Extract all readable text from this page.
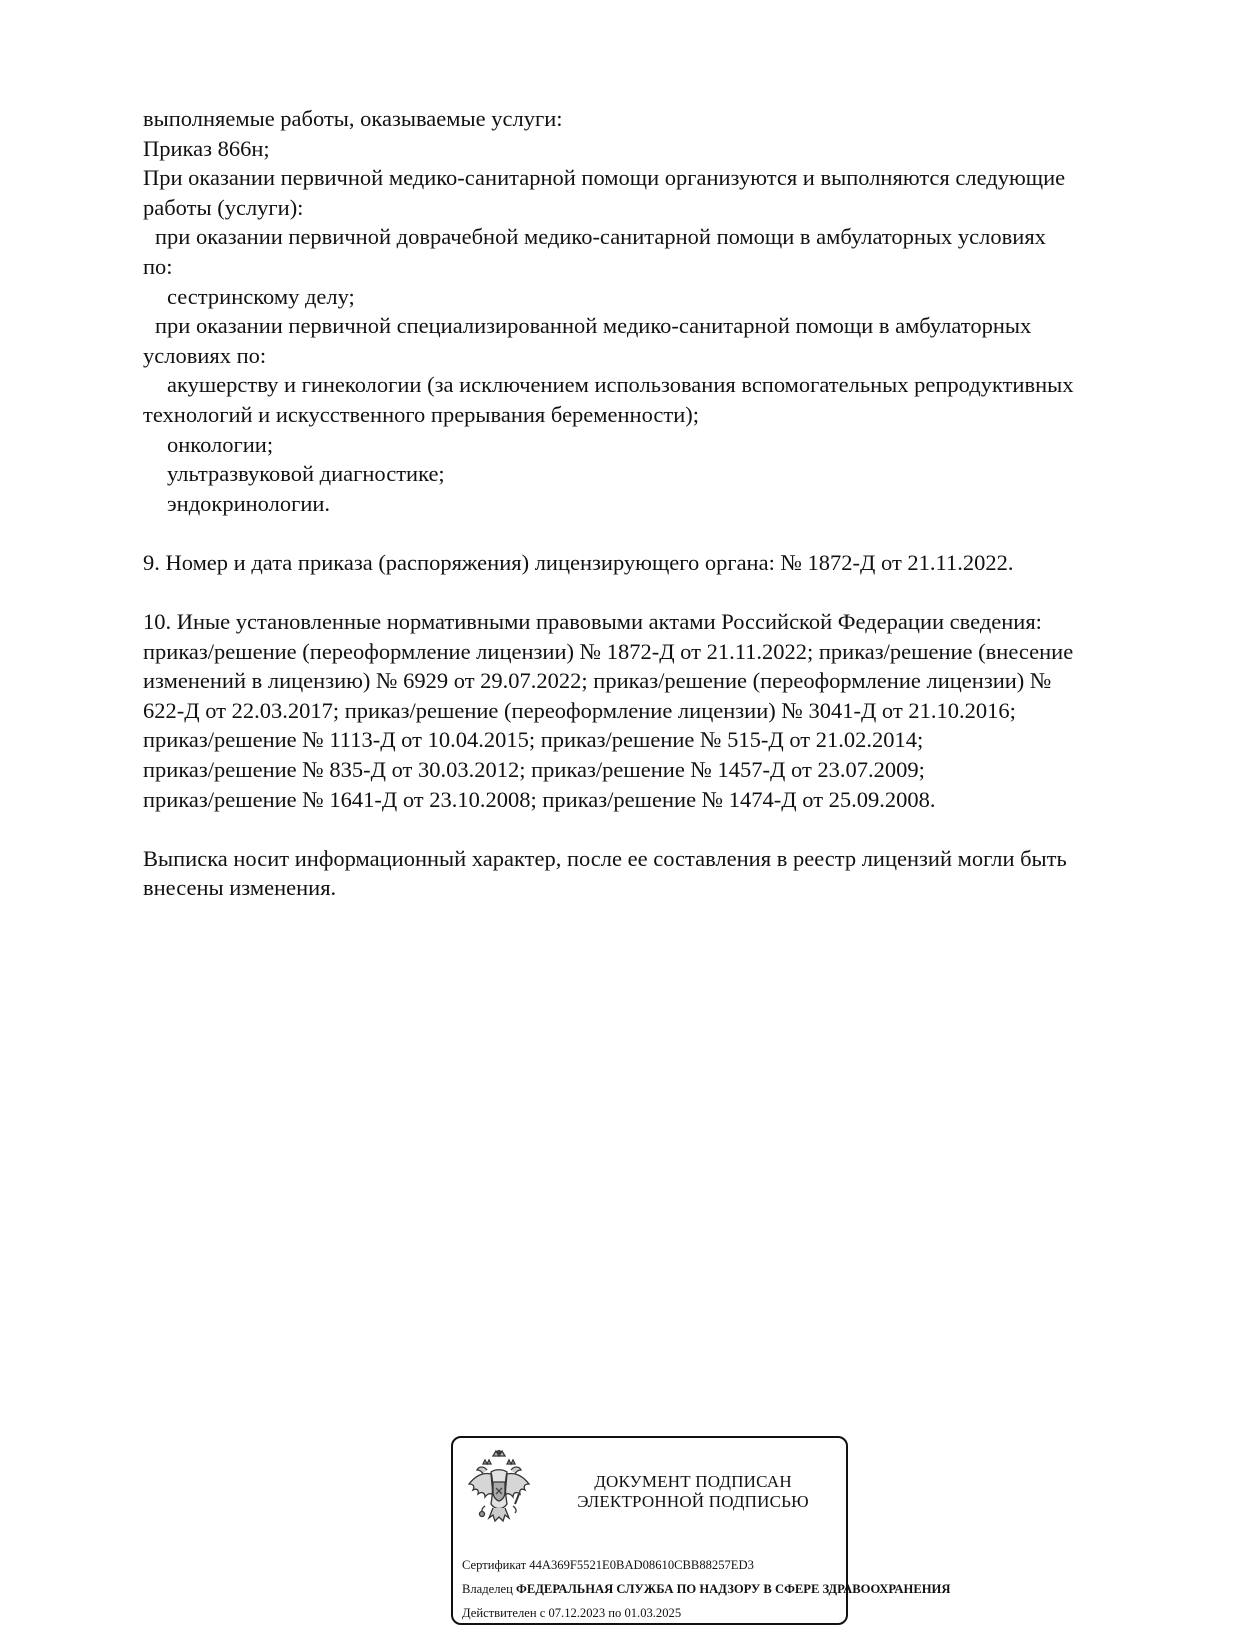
выполняемые работы, оказываемые услуги:
Приказ 866н;
При оказании первичной медико-санитарной помощи организуются и выполняются следующие
работы (услуги):
при оказании первичной доврачебной медико-санитарной помощи в амбулаторных условиях
по:
сестринскому делу;
при оказании первичной специализированной медико-санитарной помощи в амбулаторных
условиях по:
акушерству и гинекологии (за исключением использования вспомогательных репродуктивных
технологий и искусственного прерывания беременности);
онкологии;
ультразвуковой диагностике;
эндокринологии.
9. Номер и дата приказа (распоряжения) лицензирующего органа: № 1872-Д от 21.11.2022.
10. Иные установленные нормативными правовыми актами Российской Федерации сведения:
приказ/решение (переоформление лицензии) № 1872-Д от 21.11.2022; приказ/решение (внесение
изменений в лицензию) № 6929 от 29.07.2022; приказ/решение (переоформление лицензии) №
622-Д от 22.03.2017; приказ/решение (переоформление лицензии) № 3041-Д от 21.10.2016;
приказ/решение № 1113-Д от 10.04.2015; приказ/решение № 515-Д от 21.02.2014;
приказ/решение № 835-Д от 30.03.2012; приказ/решение № 1457-Д от 23.07.2009;
приказ/решение № 1641-Д от 23.10.2008; приказ/решение № 1474-Д от 25.09.2008.
Выписка носит информационный характер, после ее составления в реестр лицензий могли быть
внесены изменения.
ДОКУМЕНТ ПОДПИСАН
ЭЛЕКТРОННОЙ ПОДПИСЬЮ
Сертификат 44A369F5521E0BAD08610CBB88257ED3
Владелец ФЕДЕРАЛЬНАЯ СЛУЖБА ПО НАДЗОРУ В СФЕРЕ ЗДРАВООХРАНЕНИЯ
Действителен с 07.12.2023 по 01.03.2025
